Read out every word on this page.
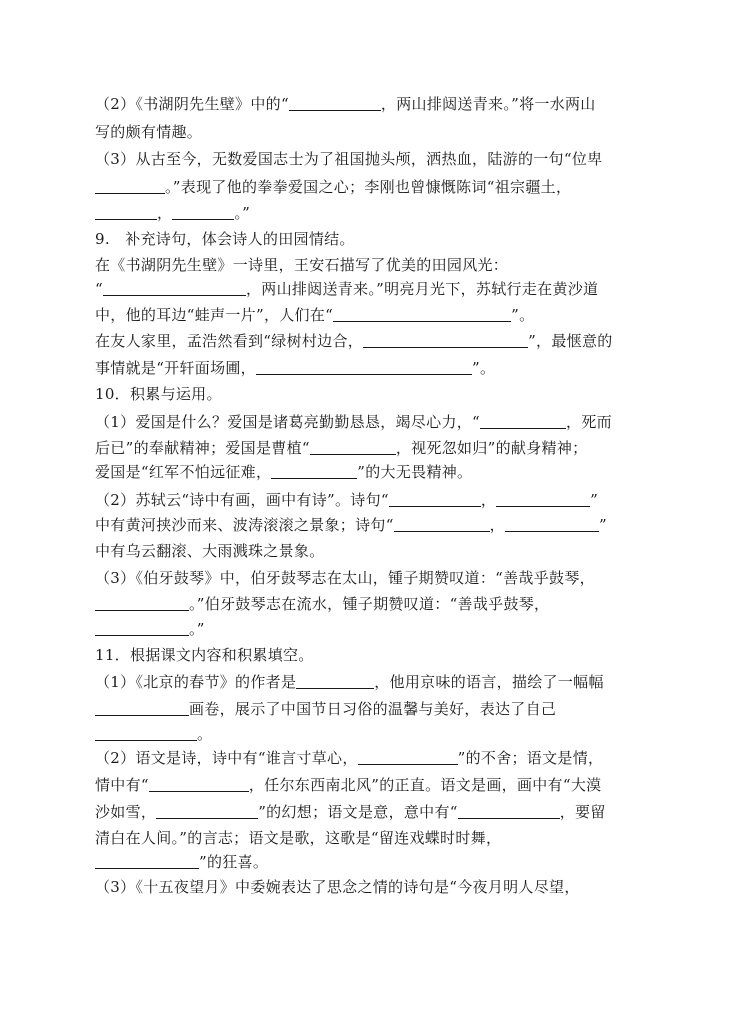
（2）《书湖阴先生壁》中的“	，两山排闼送青来。”将一水两山
写的颇有情趣。
（3）从古至今，无数爱国志士为了祖国抛头颅，洒热血，陆游的一句“位卑
。”表现了他的拳拳爱国之心；李刚也曾慷慨陈词“祖宗疆土，
，	。”
9.　补充诗句，体会诗人的田园情结。
在《书湖阴先生壁》一诗里，王安石描写了优美的田园风光：
“	，两山排闼送青来。”明亮月光下，苏轼行走在黄沙道
中，他的耳边“蛙声一片”，人们在“	”。
在友人家里，孟浩然看到“绿树村边合，	”，最惬意的
事情就是“开轩面场圃，	”。
10．积累与运用。
（1）爱国是什么？爱国是诸葛亮勤勤恳恳，竭尽心力，“	，死而
后已”的奉献精神；爱国是曹植“	，视死忽如归”的献身精神；
爱国是“红军不怕远征难，	”的大无畏精神。
（2）苏轼云“诗中有画，画中有诗”。诗句“	，	”
中有黄河挟沙而来、波涛滚滚之景象；诗句“	，	”
中有乌云翻滚、大雨溅珠之景象。
（3）《伯牙鼓琴》中，伯牙鼓琴志在太山，锺子期赞叹道：“善哉乎鼓琴，
。”伯牙鼓琴志在流水，锺子期赞叹道：“善哉乎鼓琴，
。”
11．根据课文内容和积累填空。
（1）《北京的春节》的作者是	，他用京味的语言，描绘了一幅幅
画卷，展示了中国节日习俗的温馨与美好，表达了自己
。
（2）语文是诗，诗中有“谁言寸草心，	”的不舍；语文是情，
情中有“	，任尔东西南北风”的正直。语文是画，画中有“大漠
沙如雪，	”的幻想；语文是意，意中有“	，要留
清白在人间。”的言志；语文是歌，这歌是“留连戏蝶时时舞，
”的狂喜。
（3）《十五夜望月》中委婉表达了思念之情的诗句是“今夜月明人尽望，
